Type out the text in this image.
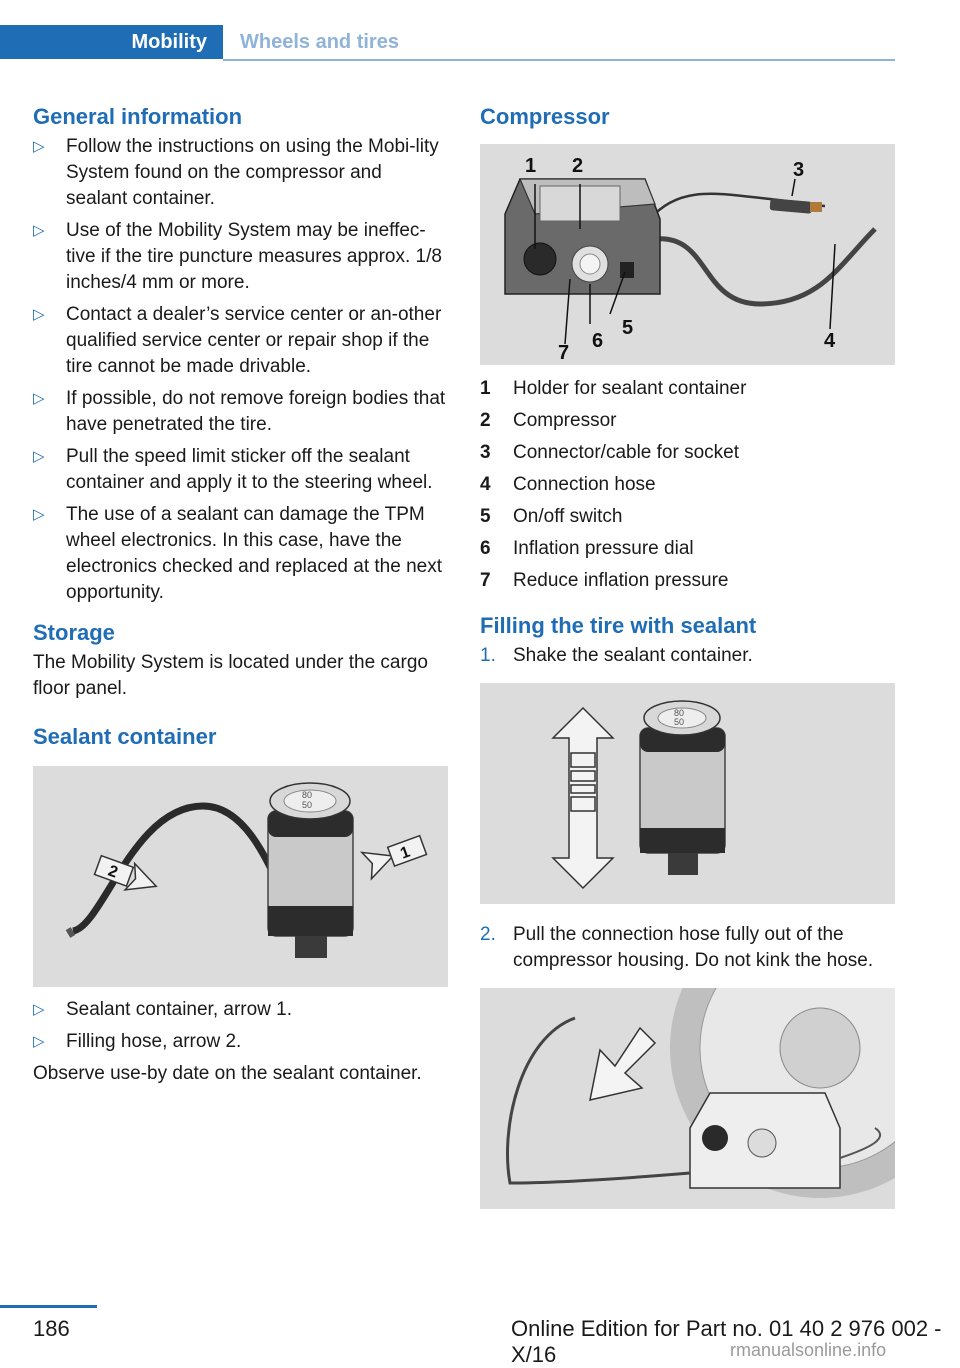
Mobility Wheels and tires
General information
▷ Follow the instructions on using the Mobi‐lity System found on the compressor and sealant container.
▷ Use of the Mobility System may be ineffec‐tive if the tire puncture measures approx. 1/8 inches/4 mm or more.
▷ Contact a dealer’s service center or an‐other qualified service center or repair shop if the tire cannot be made drivable.
▷ If possible, do not remove foreign bodies that have penetrated the tire.
▷ Pull the speed limit sticker off the sealant container and apply it to the steering wheel.
▷ The use of a sealant can damage the TPM wheel electronics. In this case, have the electronics checked and replaced at the next opportunity.
Storage

The Mobility System is located under the cargo floor panel.

Sealant container
80
50
1
2
▷ Sealant container, arrow 1.
▷ Filling hose, arrow 2.

Observe use-by date on the sealant container.

Compressor
1 2	3
4
5
6
7
1	Holder for sealant container
2	Compressor
3	Connector/cable for socket
4	Connection hose
5	On/off switch
6	Inflation pressure dial
7	Reduce inflation pressure
Filling the tire with sealant
1. Shake the sealant container.
80
50
2. Pull the connection hose fully out of the compressor housing. Do not kink the hose.
186	Online Edition for Part no. 01 40 2 976 002 - X/16	rmanualsonline.info
